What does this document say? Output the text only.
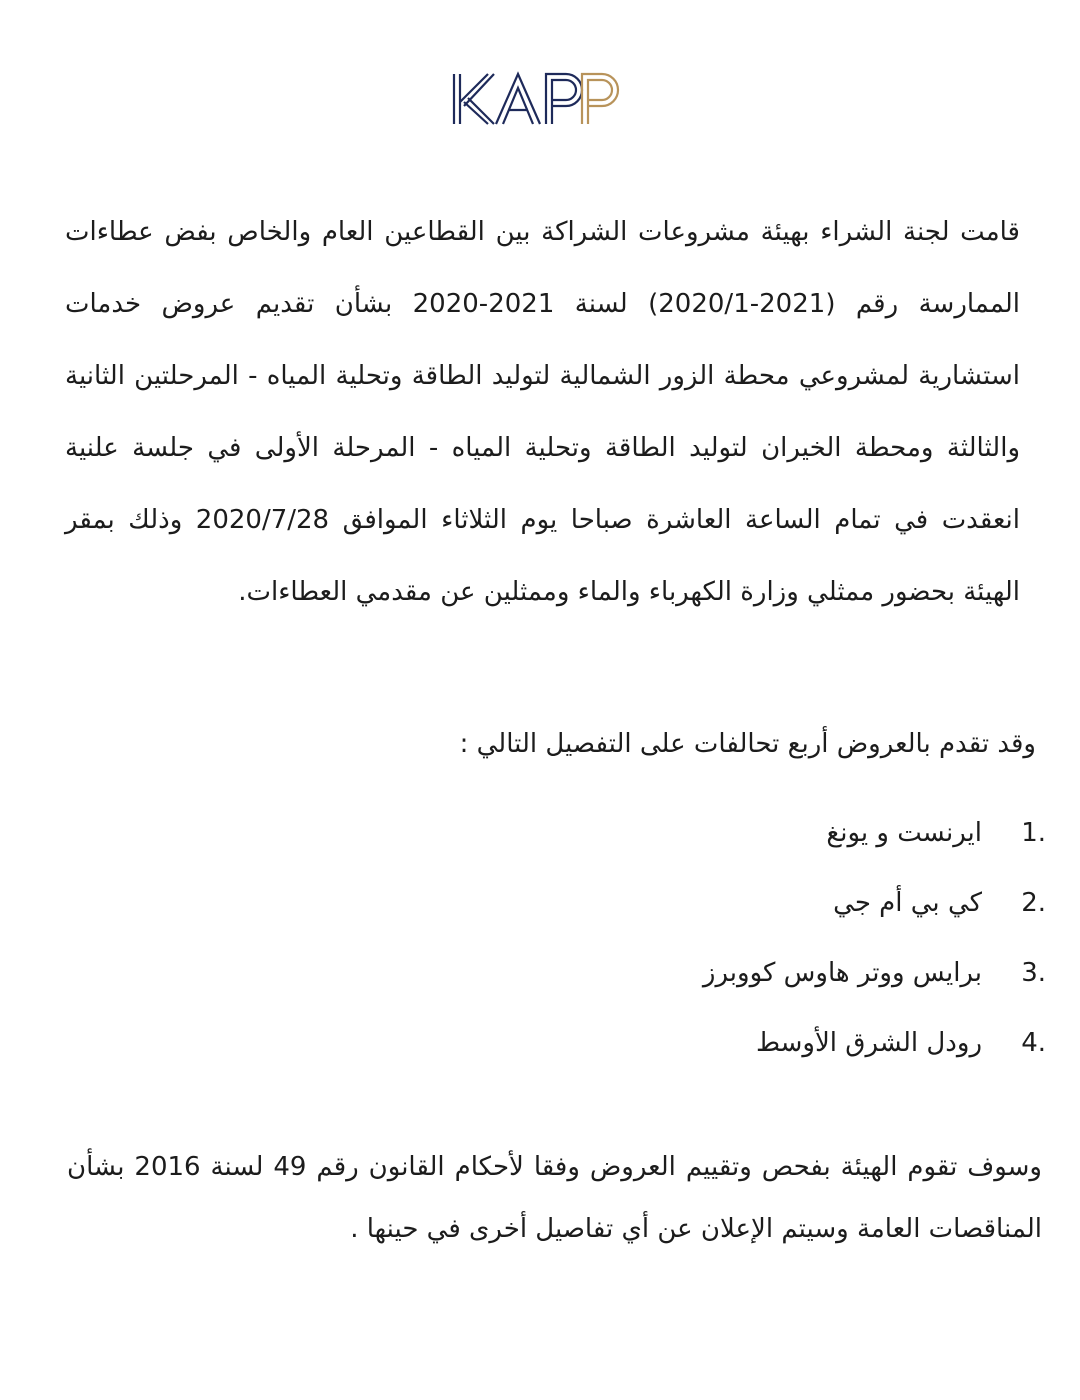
قامت لجنة الشراء بهيئة مشروعات الشراكة بين القطاعين العام والخاص بفض عطاءات الممارسة رقم (2021-2020/1) لسنة 2021-2020 بشأن تقديم عروض خدمات استشارية لمشروعي محطة الزور الشمالية لتوليد الطاقة وتحلية المياه - المرحلتين الثانية والثالثة ومحطة الخيران لتوليد الطاقة وتحلية المياه - المرحلة الأولى في جلسة علنية انعقدت في تمام الساعة العاشرة صباحا يوم الثلاثاء الموافق 2020/7/28 وذلك بمقر الهيئة بحضور ممثلي وزارة الكهرباء والماء وممثلين عن مقدمي العطاءات.

وقد تقدم بالعروض أربع تحالفات على التفصيل التالي :

1.
ايرنست و يونغ
2.
كي بي أم جي
3.
برايس ووتر هاوس كووبرز
4.
رودل الشرق الأوسط

وسوف تقوم الهيئة بفحص وتقييم العروض وفقا لأحكام القانون رقم 49 لسنة 2016 بشأن المناقصات العامة وسيتم الإعلان عن أي تفاصيل أخرى في حينها .
